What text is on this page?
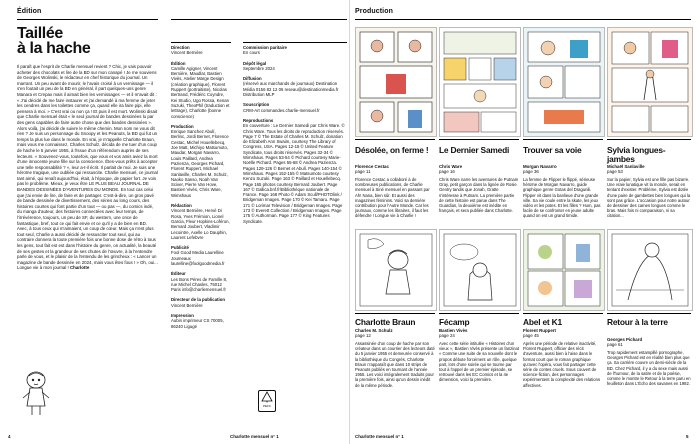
Édition
Taillée
à la hache

Il paraît que l'esprit de Charlie mensuel revient ? Chic, je vais pouvoir acheter des chocolats et lire de la BD sur mon canapé ! Je me souviens de Georges Wolinski, le rédacteur en chef historique du journal. Un marrant. Un peu avant de mourir, le l'avais croisé à un vernissage — il s'en foutait un peu de la BD en général, il part quelques-uns genre Manara et Crepax mais il aimait bien les vernissages — et il m'avait dit : « J'ai décidé de me faire instaurer et j'ai demandé à ma femme de jeter les cendres dans les toilettes comme ça, quand elle ira faire pipi, elle pensera à moi. » C'est vrai ou non ça ! Et puis il est mort. Wolinski disait que Charlie mensuel était « le seul journal de bandes dessinées lu par des gens capables de faire autre chose que des bandes dessinées ». Alors voilà, j'ai décidé de suivre le même chemin. Mon nom ne vous dit rien ? Je suis un personnage du Snoopy et les Peanuts, la BD qui fut un temps la plus lue dans le monde. En vrai, je m'appelle Charlotte Braun, mais vous me connaissez. Charles Schulz, décida de me tuer d'un coup de hache le 5 janvier 1955, à l'issue d'un référendum auprès de ses lecteurs. « Souvenez-vous, toutefois, que vous et vos amis aviez la mort d'une innocente jeune fille sur la conscience. Êtes-vous prêts à accepter une telle responsabilité ? », leur a-t-il écrit. Il parlait de moi. Je suis une héroïne tragique, une oubliée qui ressuscite. Charlie mensuel, ce journal tant aimé, qui renaît aujourd'hui, était, à l'époque, de papier fort. Je vois pas le problème. Mieux, je veux être LE PLUS BEAU JOURNAL DE BANDES DESSINÉES D'AVENTURES DU MONDE. En tout cas celui que j'ai envie de lire, de faire et de partager. C'est-à-dire, un gros pavé de bande dessinée de divertissement, des séries au long cours, des histoires courtes qui font partie d'un tout — ou pas —, du comics indé, du manga d'auteur, des histoires connectées avec leur temps, de l'irrévérence, toujours, un peu de SF, du western, une once de fantastique, bref, tout ce qui fait envie et ce qu'il y a de bien en BD. Avec, à tous ceux qui m'aimaient, un coup de cœur. Mais ça n'est plus tout seul, Charlie a aussi décidé de ressusciter tout seul, qui au contraire donnera la toute première fois une bonne dose de rétro à tous les gens, tout fait est est dans l'histoire du genre, on actualité, la beauté de ses gestes et la grandeur de ses chutes de l'œuvre, à la l'entendre parle de vous, et le plaisir de la l'entendu de les grincheux : « Lancer un magazine de bande dessinée en 2024, mais vous êtes fous ! » Oh, oui... Longue vie à mon journal ! Charlotte

Direction
Vincent Bernière
Édition
Camille Agigner, Vincent Bernière, Maudlar, Bastien Vivès, Atelier Marge Design (création graphique), Florent Ruppert (portraitiste), Nicolas Bertrand, Frédéric Coyndre, Kei Studio, Ugo Rossa, Kenan Suzuki, TheoPhil (traduction et lettrage), Charlotte (bonne conscience)
Production
Enrique Sanchez Abulí, Berlinc, Jordi Bernet, Florence Cestac, Michel Houellebecq, Joe Matt, Michiyo Matsumoto, Maudar, Morgan Navarro, Louis Paillard, Andrea Pazienza, Georges Pichard, Florent Ruppert, Michael Sanlaville, Charles M. Schulz, Naoko Sanso, Noah Van Sciver, Pierre Van Hove, Bastien Vivès, Chris Ware, Wimshaus
Rédaction
Vincent Bernière, Hervé Di Rosa, Yves Frémion, Lionel Garcia, Fleur Hopkins-Loféron, Bernard Joubert, Vladimir Lecointre, Axelle Lo Dauphin, Laurent Lefebvre
Publicité
Fool Good Media Laurelline Joumeaux laurelline@foolgoodmedia.fr
Éditeur
Les Bons Pères de Famille 8, rue Michel Chasles, 75012 Paris info@charliemensuel.fr
Directeur de la publication
Vincent Bernière
Impression
Aubin imprimeur CS 70005, 86240 Ligugé
Commission paritaire
En cours
Dépôt légal
Septembre 2024
Diffusion
(réservé aux marchands de journaux) Destination Média 0156 82 12 06 reseau@destinationmedia.fr Distribution MLP
Souscription
CRM-Art commandes.charlie-mensuel.fr
Reproductions
En couverture : Le Dernier Samedi par Chris Ware. © Chris Ware. Tous les droits de reproduction réservés. Page 7 © The Estate of Charles M. Schulz, donation de Elizabeth Ann Swaim, courtesy The Library of Congress, USA. Pages 12-15 © United Feature Syndicate, tous droits réservés. Pages 32-34 © Wimshaus. Pages 53-54 © Pichard courtesy Marie-Noëlle Pichard. Pages 55-68 © Andrea Pazienza. Pages 129-126 © Bernet et Abulí. Pages 140-154 © Wimshaus. Pages 152-155 © Matsumoto courtesy Kenzo Suzuki. Page 163 © Paillard et Houellebecq. Page 165 photos courtesy Bernard Joubert. Page 167 © Gallica.bnf.fr/Bibliothèque nationale de France. Page 168 Photo © Adam Scull/PHOTOlink / Bridgeman Images. Page 170 © Kei Tamaru. Page 171 © Lorimar Television / Bridgeman Images. Page 173 © Everett Collection / Bridgeman Images. Page 175 © Authorman. Page 177 © King Features Syndicate.
PEFC
4	Charlotte mensuel n° 1
Production
Désolée, on ferme !
Florence Cestac
page 11
Florence Cestac a collaboré à de nombreuses publications, de Charlie mensuel à Siné mensuel en passant par Ah! Nana, bien sûr. Et aussi des magazines féminins. Voici sa dernière contribution pour l'Autre Monde. Car les journaux, comme les libraires, il faut les défendre ! Longue vie à Charlie !
Le Dernier Samedi
Chris Ware
page 16
Chris Ware narre les aventures de Putnam Gray, petit garçon dans la lignée de Rosie Gentry tandis que Jonah, Gratte s'intéresse à Putnam. La première partie de cette histoire est parue dans The Guardian, la deuxième est inédite en français, et sera publiée dans Charlotte.
Trouver sa voie
Morgan Navarro
page 36
La femme de Flipper le flippé, sérieuse héroïne de Morgan Navarro, guide graphique genre Gotas del Dragunili. Flipper vit dans la banlieue d'une grande ville. Sa vie coule entre la skate, les jeux vidéo et les potes. Et les filles ? Hum, pas facile de se confronter en jeune adulte quand on est un grand timide.
Sylvia longues-jambes
Michaël Sanlaville
page 53
Sur la papier, Sylvia est une fille pas bizarre. Une vraie lunatique vit la monde, serait en tentant d'exister. Problème, Sylvia est dotée d'une paire de gambettes bien longues qui la sont pas grâce. L'occasion pour notre autour de dessiner des cames longues comme le bras. Mais fois ni comparaison, ni sa citation...
Charlotte Braun
Charles M. Schulz
page 12
Assassinée d'un coup de hache par son créateur dans un courrier des lecteurs daté du 5 janvier 1955 et demeurée conservé à la bibliothèque du Congrès, Charlotte Braun n'apparaît que dans 10 strips de Peanuts publiés en tournant de l'année 1955. Les voici intégralement traduits pour la première fois, ainsi qu'un dessin inédit de la même période.
Fécamp
Bastien Vivès
page 24
Avec cette série intitulée « Histoires d'un vieux », Bastien Vivès présente un fanzinat « Comme une suite de sa nouvelle dont le propos débute forcément un rôle, quelque part, lors d'une soirée qui se tourne par tout à l'appel de un premier épisode, se retrouvé dans les EC Comics et la 4e dimension, voici la première.
Abel et K1
Florent Ruppert
page 45
Après une période de relative inactivité, Florent Ruppert, officier des récit d'aventure, aussi bien à l'aise dans le format court que le roman graphique qu'avec l'opéra, vous fait partager cette série de contes cruels. Sous couvert de science-fiction, des personnages expérimentent la complexité des relations affectives.
Retour à la terre
Georges Pichard
page 61
Trop rapidement estampillé pornographe, Georges Pichard est en réalité bien plus que ça. Sa carrière couvre un demi-siècle de la BD. Chez Pichard, il y a du sexe mais aussi de l'humour, de la satire et de la poésie, comme le montre le Retour à la terre paru en feuilleton dans L'Écho des savanes en 1982.
Charlotte mensuel n° 1	5
